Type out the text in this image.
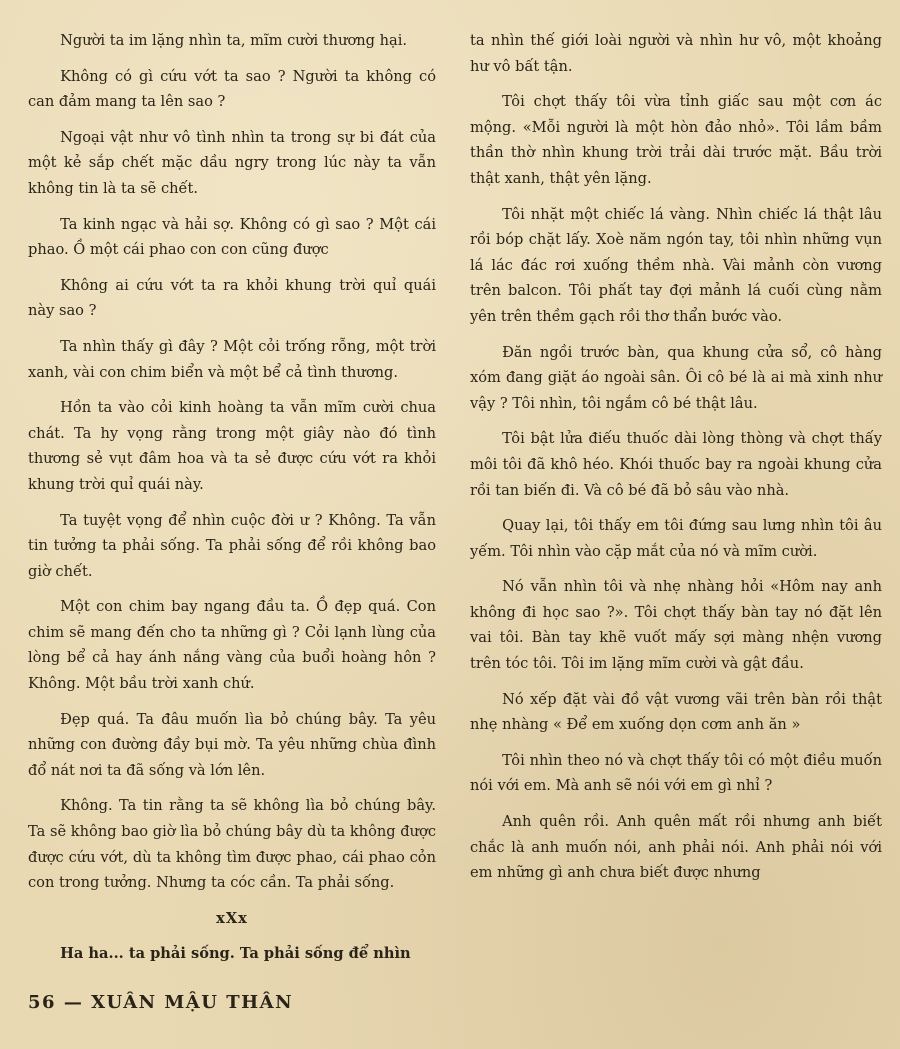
Người ta im lặng nhìn ta, mĩm cười thương hại.

Không có gì cứu vớt ta sao ? Người ta không có can đảm mang ta lên sao ?

Ngoại vật như vô tình nhìn ta trong sự bi đát của một kẻ sắp chết mặc dầu ngry trong lúc này ta vẫn không tin là ta sẽ chết.

Ta kinh ngạc và hải sợ. Không có gì sao ? Một cái phao. Ồ một cái phao con con cũng được

Không ai cứu vớt ta ra khỏi khung trời quỉ quái này sao ?

Ta nhìn thấy gì đây ? Một cỏi trống rỗng, một trời xanh, vài con chim biển và một bể cả tình thương.

Hồn ta vào cỏi kinh hoàng ta vẫn mĩm cười chua chát. Ta hy vọng rằng trong một giây nào đó tình thương sẻ vụt đâm hoa và ta sẻ được cứu vớt ra khỏi khung trời quỉ quái này.

Ta tuyệt vọng để nhìn cuộc đời ư ? Không. Ta vẫn tin tưởng ta phải sống. Ta phải sống để rồi không bao giờ chết.

Một con chim bay ngang đầu ta. Ồ đẹp quá. Con chim sẽ mang đến cho ta những gì ? Cỏi lạnh lùng của lòng bể cả hay ánh nắng vàng của buổi hoàng hôn ? Không. Một bầu trời xanh chứ.

Đẹp quá. Ta đâu muốn lìa bỏ chúng bây. Ta yêu những con đường đầy bụi mờ. Ta yêu những chùa đình đổ nát nơi ta đã sống và lớn lên.

Không. Ta tin rằng ta sẽ không lìa bỏ chúng bây. Ta sẽ không bao giờ lìa bỏ chúng bây dù ta không được được cứu vớt, dù ta không tìm được phao, cái phao cỏn con trong tưởng. Nhưng ta cóc cần. Ta phải sống.

xXx

Ha ha... ta phải sống. Ta phải sống để nhìn

ta nhìn thế giới loài người và nhìn hư vô, một khoảng hư vô bất tận.

Tôi chợt thấy tôi vừa tỉnh giấc sau một cơn ác mộng. «Mỗi người là một hòn đảo nhỏ». Tôi lầm bầm thần thờ nhìn khung trời trải dài trước mặt. Bầu trời thật xanh, thật yên lặng.

Tôi nhặt một chiếc lá vàng. Nhìn chiếc lá thật lâu rồi bóp chặt lấy. Xoè năm ngón tay, tôi nhìn những vụn lá lác đác rơi xuống thềm nhà. Vài mảnh còn vương trên balcon. Tôi phất tay đợi mảnh lá cuối cùng nằm yên trên thềm gạch rồi thơ thẩn bước vào.

Đăn ngồi trước bàn, qua khung cửa sổ, cô hàng xóm đang giặt áo ngoài sân. Ôi cô bé là ai mà xinh như vậy ? Tôi nhìn, tôi ngắm cô bé thật lâu.

Tôi bật lửa điếu thuốc dài lòng thòng và chợt thấy môi tôi đã khô héo. Khói thuốc bay ra ngoài khung cửa rồi tan biến đi. Và cô bé đã bỏ sâu vào nhà.

Quay lại, tôi thấy em tôi đứng sau lưng nhìn tôi âu yếm. Tôi nhìn vào cặp mắt của nó và mĩm cười.

Nó vẫn nhìn tôi và nhẹ nhàng hỏi «Hôm nay anh không đi học sao ?». Tôi chợt thấy bàn tay nó đặt lên vai tôi. Bàn tay khẽ vuốt mấy sợi màng nhện vương trên tóc tôi. Tôi im lặng mĩm cười và gật đầu.

Nó xếp đặt vài đồ vật vương vãi trên bàn rồi thật nhẹ nhàng « Để em xuống dọn cơm anh ăn »

Tôi nhìn theo nó và chợt thấy tôi có một điều muốn nói với em. Mà anh sẽ nói với em gì nhỉ ?

Anh quên rồi. Anh quên mất rồi nhưng anh biết chắc là anh muốn nói, anh phải nói. Anh phải nói với em những gì anh chưa biết được nhưng

56 — XUÂN MẬU THÂN
